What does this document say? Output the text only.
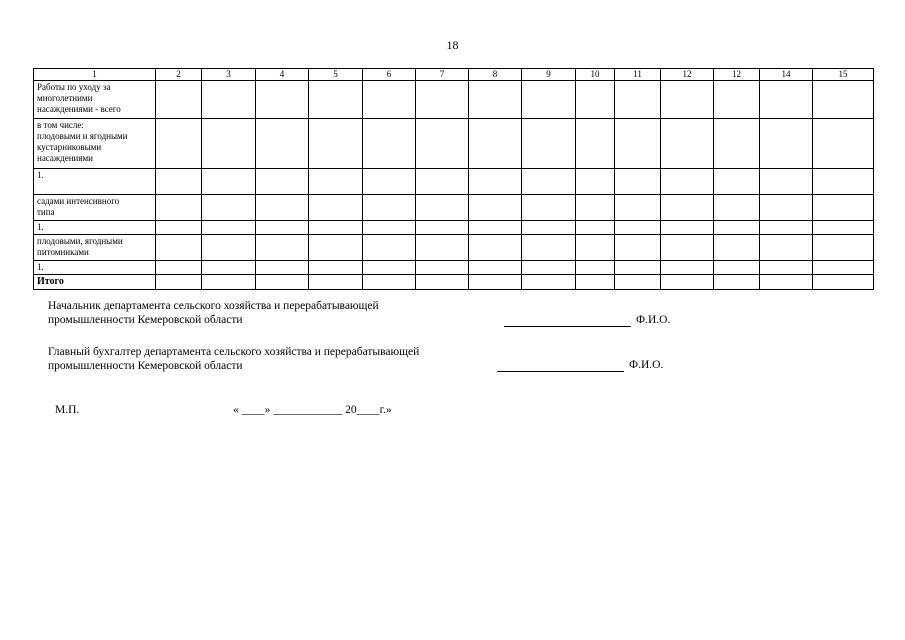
18
1	2	3	4	5	6	7	8	9	10	11	12	12	14	15

Работы по уходу за
многолетними
насаждениями - всего														

в том числе:
плодовыми и ягодными
кустарниковыми
насаждениями														

1.														

садами интенсивного
типа														

1.														

плодовыми, ягодными
питомниками														

1.														

Итого														

Начальник департамента сельского хозяйства и перерабатывающей
промышленности Кемеровской области	Ф.И.О.
Главный бухгалтер департамента сельского хозяйства и перерабатывающей
промышленности Кемеровской области	Ф.И.О.
М.П.	« ____» ____________ 20____г.»
